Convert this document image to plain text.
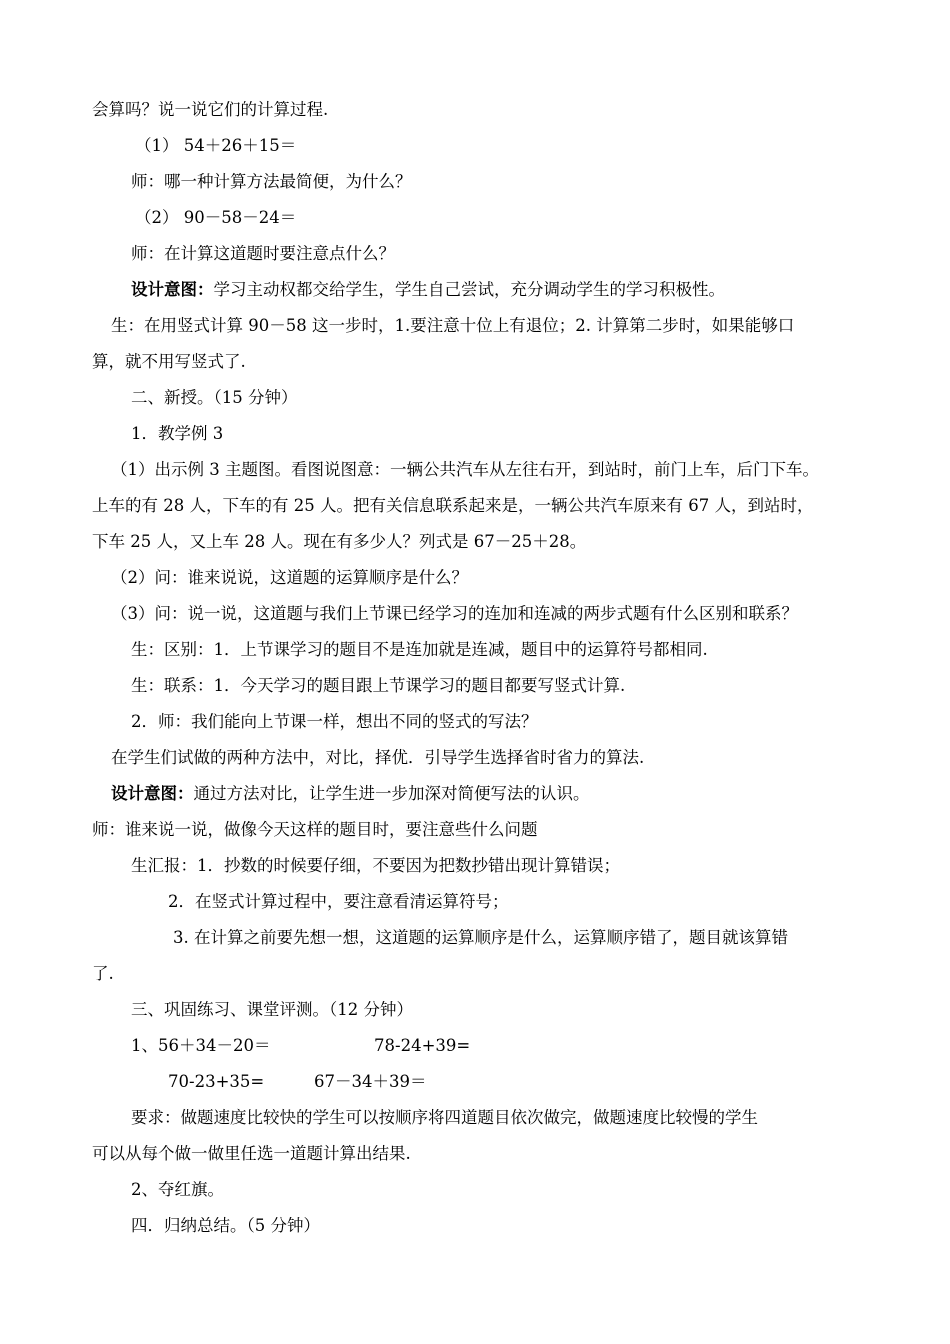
会算吗？说一说它们的计算过程.
（1） 54＋26＋15＝
师：哪一种计算方法最简便，为什么？
（2） 90－58－24＝
师：在计算这道题时要注意点什么？
设计意图：学习主动权都交给学生，学生自己尝试，充分调动学生的学习积极性。
生：在用竖式计算 90－58 这一步时，1.要注意十位上有退位；2. 计算第二步时，如果能够口
算，就不用写竖式了.
二、新授。（15 分钟）
1．教学例 3
（1）出示例 3 主题图。看图说图意：一辆公共汽车从左往右开，到站时，前门上车，后门下车。
上车的有 28 人，下车的有 25 人。把有关信息联系起来是，一辆公共汽车原来有 67 人，到站时，
下车 25 人，又上车 28 人。现在有多少人？列式是 67－25＋28。
（2）问：谁来说说，这道题的运算顺序是什么？
（3）问：说一说，这道题与我们上节课已经学习的连加和连减的两步式题有什么区别和联系？
生：区别：1．上节课学习的题目不是连加就是连减，题目中的运算符号都相同.
生：联系：1．今天学习的题目跟上节课学习的题目都要写竖式计算.
2．师：我们能向上节课一样，想出不同的竖式的写法？
在学生们试做的两种方法中，对比，择优．引导学生选择省时省力的算法.
设计意图：通过方法对比，让学生进一步加深对简便写法的认识。
师：谁来说一说，做像今天这样的题目时，要注意些什么问题
生汇报：1．抄数的时候要仔细，不要因为把数抄错出现计算错误；
2．在竖式计算过程中，要注意看清运算符号；
3. 在计算之前要先想一想，这道题的运算顺序是什么，运算顺序错了，题目就该算错
了.
三、巩固练习、课堂评测。（12 分钟）
1、56＋34－20＝	78-24+39=
70-23+35=	67－34＋39＝
要求：做题速度比较快的学生可以按顺序将四道题目依次做完，做题速度比较慢的学生
可以从每个做一做里任选一道题计算出结果.
2、夺红旗。
四．归纳总结。（5 分钟）
